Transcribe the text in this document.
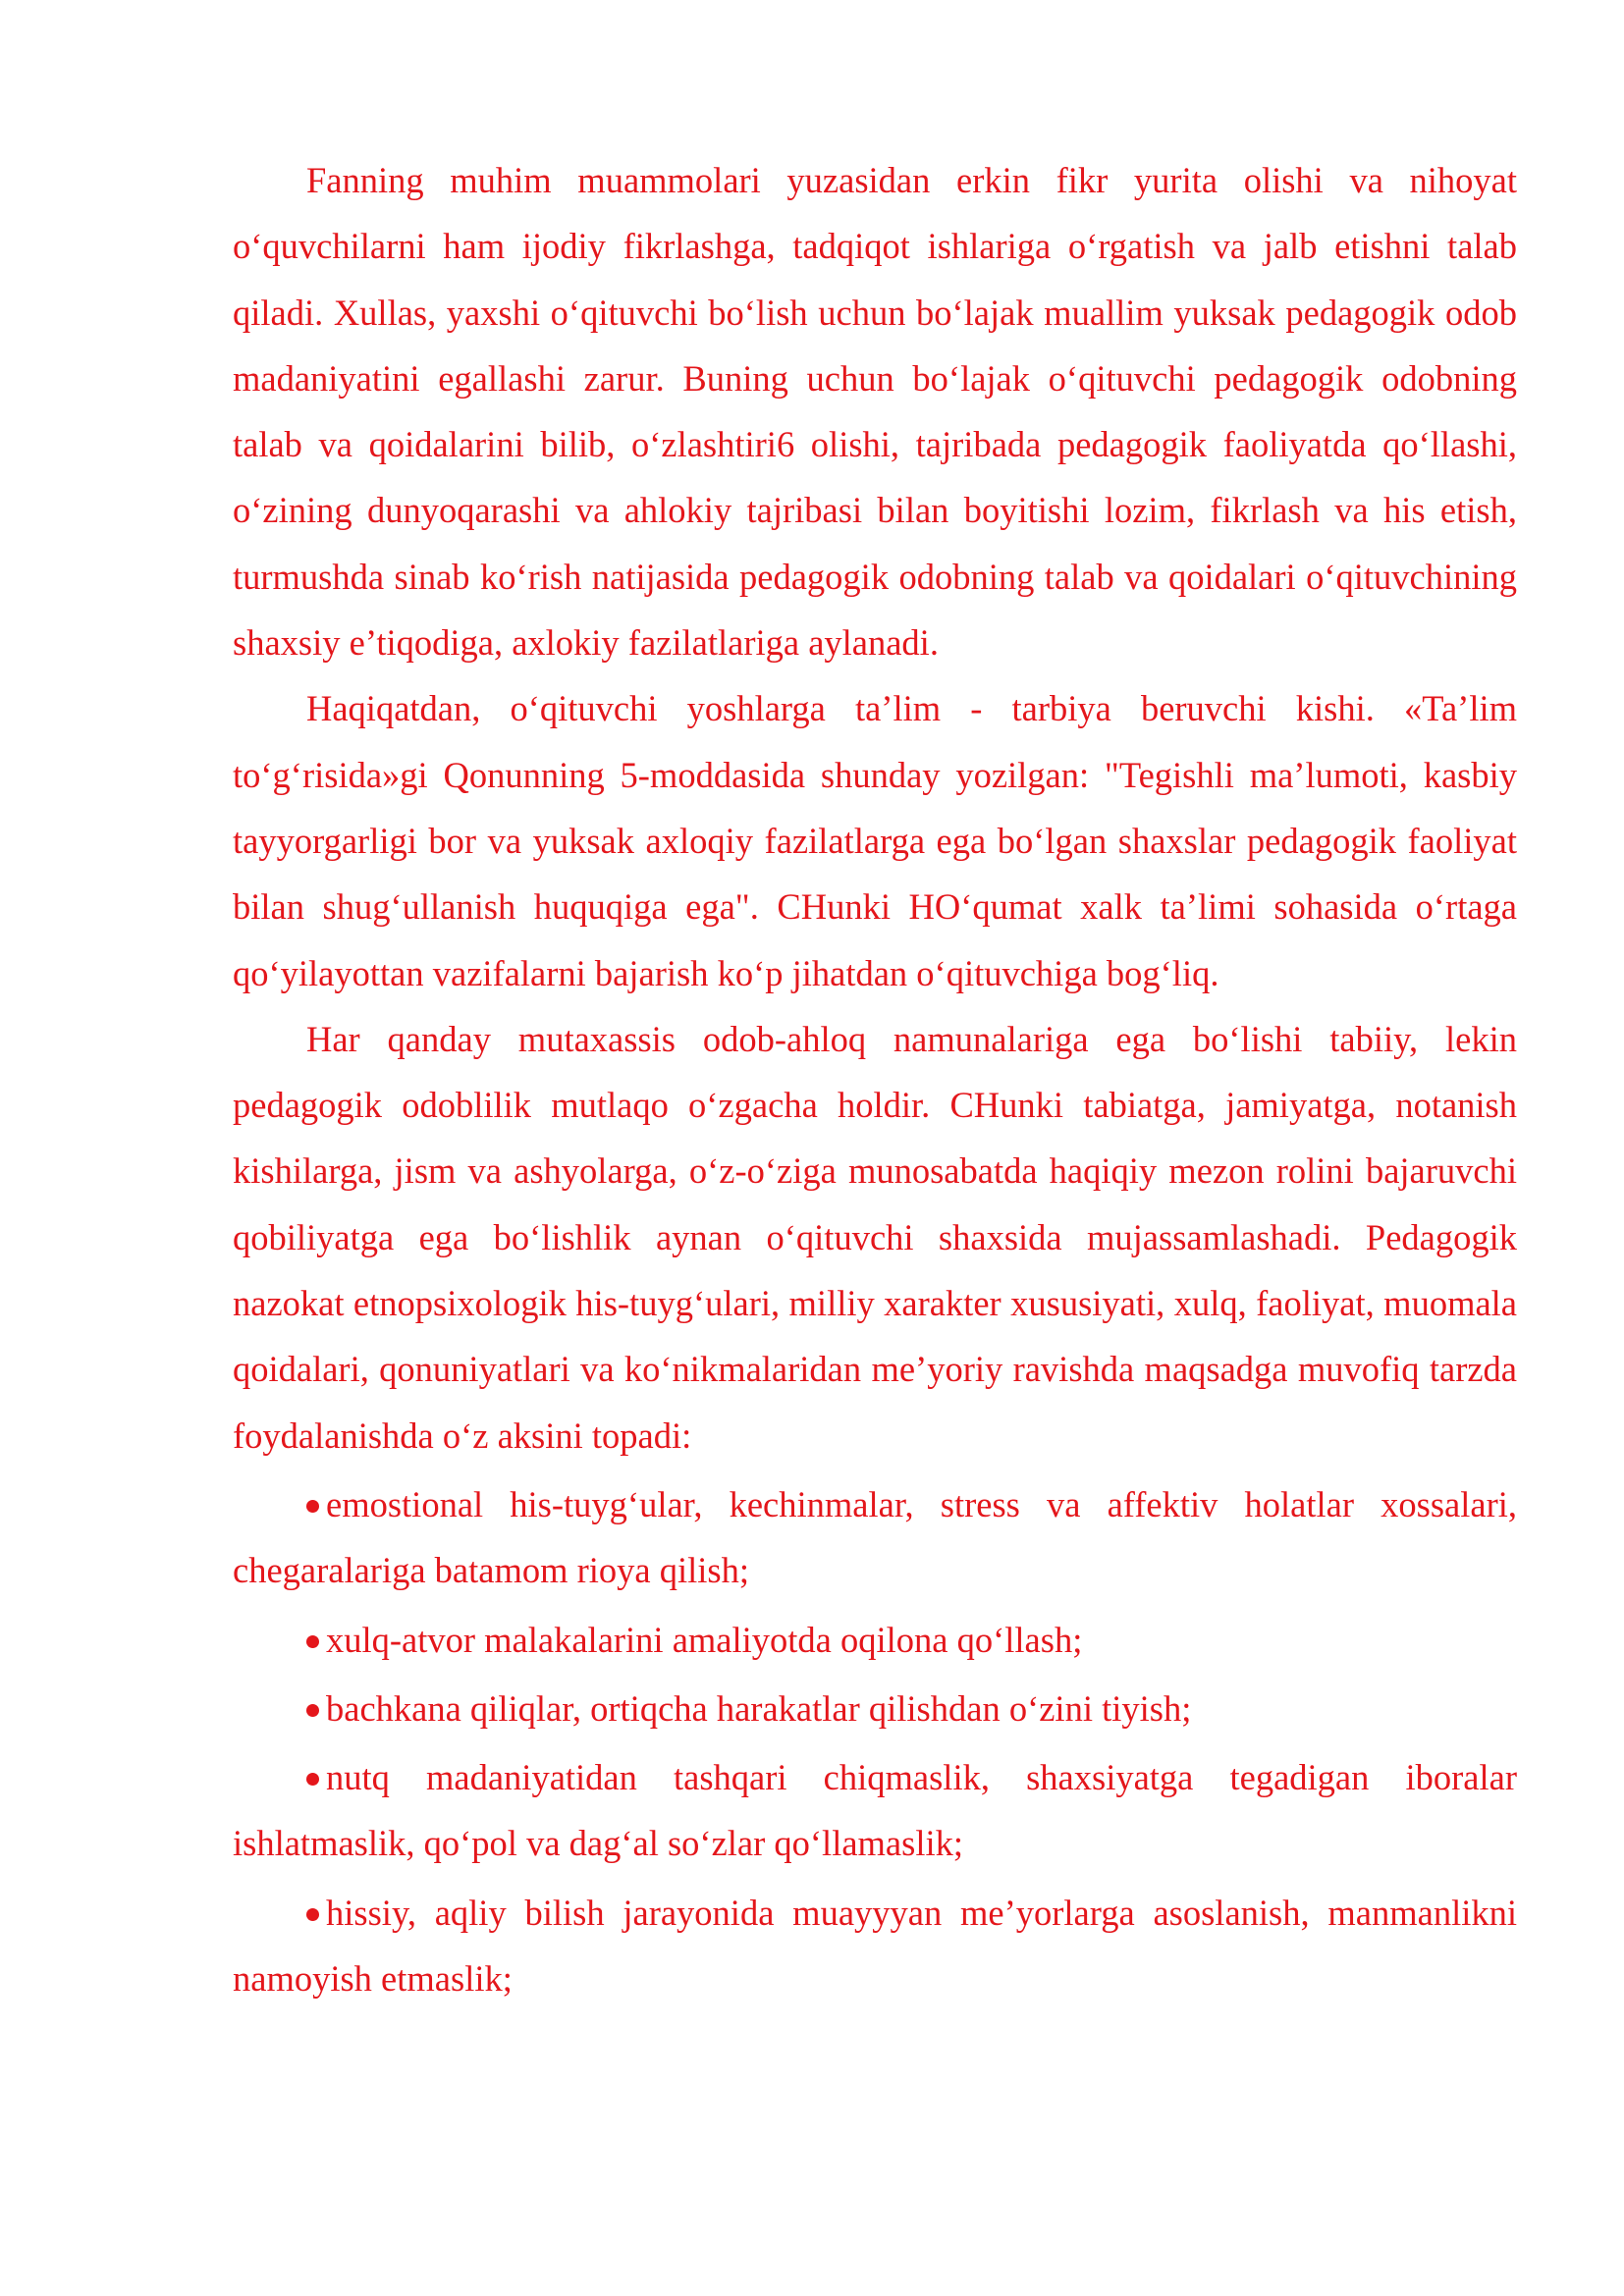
Fanning muhim muammolari yuzasidan erkin fikr yurita olishi va nihoyat o‘quvchilarni ham ijodiy fikrlashga, tadqiqot ishlariga o‘rgatish va jalb etishni talab qiladi. Xullas, yaxshi o‘qituvchi bo‘lish uchun bo‘lajak muallim yuksak pedagogik odob madaniyatini egallashi zarur. Buning uchun bo‘lajak o‘qituvchi pedagogik odobning talab va qoidalarini bilib, o‘zlashtiri6 olishi, tajribada pedagogik faoliyatda qo‘llashi, o‘zining dunyoqarashi va ahlokiy tajribasi bilan boyitishi lozim, fikrlash va his etish, turmushda sinab ko‘rish natijasida pedagogik odobning talab va qoidalari o‘qituvchining shaxsiy e’tiqodiga, axlokiy fazilatlariga aylanadi.

Haqiqatdan, o‘qituvchi yoshlarga ta’lim - tarbiya beruvchi kishi. «Ta’lim to‘g‘risida»gi Qonunning 5-moddasida shunday yozilgan: "Tegishli ma’lumoti, kasbiy tayyorgarligi bor va yuksak axloqiy fazilatlarga ega bo‘lgan shaxslar pedagogik faoliyat bilan shug‘ullanish huquqiga ega". CHunki HO‘qumat xalk ta’limi sohasida o‘rtaga qo‘yilayottan vazifalarni bajarish ko‘p jihatdan o‘qituvchiga bog‘liq.

Har qanday mutaxassis odob-ahloq namunalariga ega bo‘lishi tabiiy, lekin pedagogik odoblilik mutlaqo o‘zgacha holdir. CHunki tabiatga, jamiyatga, notanish kishilarga, jism va ashyolarga, o‘z-o‘ziga munosabatda haqiqiy mezon rolini bajaruvchi qobiliyatga ega bo‘lishlik aynan o‘qituvchi shaxsida mujassamlashadi. Pedagogik nazokat etnopsixologik his-tuyg‘ulari, milliy xarakter xususiyati, xulq, faoliyat, muomala qoidalari, qonuniyatlari va ko‘nikmalaridan me’yoriy ravishda maqsadga muvofiq tarzda foydalanishda o‘z aksini topadi:

emostional his-tuyg‘ular, kechinmalar, stress va affektiv holatlar xossalari, chegaralariga batamom rioya qilish;

xulq-atvor malakalarini amaliyotda oqilona qo‘llash;

bachkana qiliqlar, ortiqcha harakatlar qilishdan o‘zini tiyish;

nutq madaniyatidan tashqari chiqmaslik, shaxsiyatga tegadigan iboralar ishlatmaslik, qo‘pol va dag‘al so‘zlar qo‘llamaslik;

hissiy, aqliy bilish jarayonida muayyyan me’yorlarga asoslanish, manmanlikni namoyish etmaslik;
